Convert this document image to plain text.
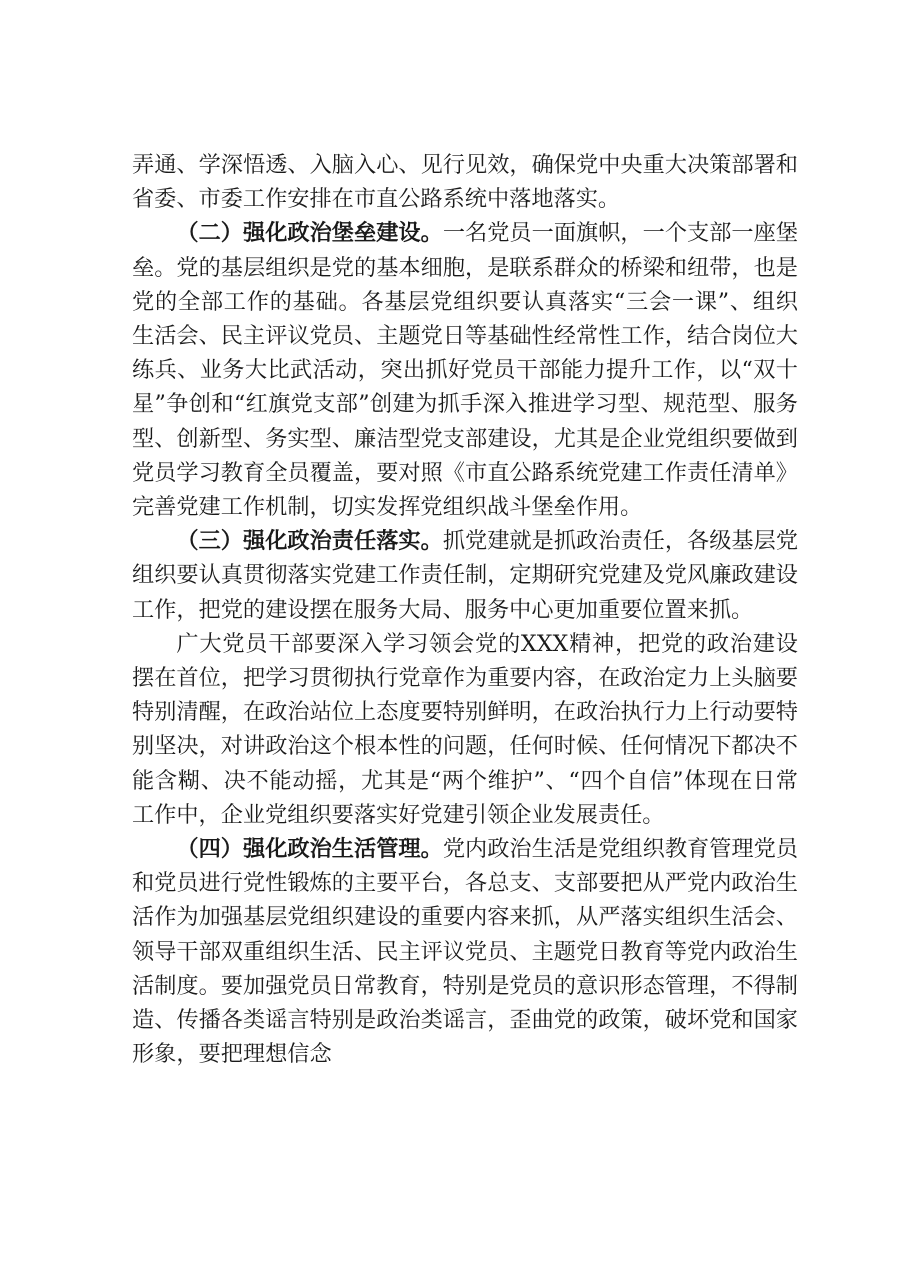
弄通、学深悟透、入脑入心、见行见效，确保党中央重大决策部署和省委、市委工作安排在市直公路系统中落地落实。

（二）强化政治堡垒建设。一名党员一面旗帜，一个支部一座堡垒。党的基层组织是党的基本细胞，是联系群众的桥梁和纽带，也是党的全部工作的基础。各基层党组织要认真落实“三会一课”、组织生活会、民主评议党员、主题党日等基础性经常性工作，结合岗位大练兵、业务大比武活动，突出抓好党员干部能力提升工作，以“双十星”争创和“红旗党支部”创建为抓手深入推进学习型、规范型、服务型、创新型、务实型、廉洁型党支部建设，尤其是企业党组织要做到党员学习教育全员覆盖，要对照《市直公路系统党建工作责任清单》完善党建工作机制，切实发挥党组织战斗堡垒作用。

（三）强化政治责任落实。抓党建就是抓政治责任，各级基层党组织要认真贯彻落实党建工作责任制，定期研究党建及党风廉政建设工作，把党的建设摆在服务大局、服务中心更加重要位置来抓。

广大党员干部要深入学习领会党的XXX精神，把党的政治建设摆在首位，把学习贯彻执行党章作为重要内容，在政治定力上头脑要特别清醒，在政治站位上态度要特别鲜明，在政治执行力上行动要特别坚决，对讲政治这个根本性的问题，任何时候、任何情况下都决不能含糊、决不能动摇，尤其是“两个维护”、“四个自信”体现在日常工作中，企业党组织要落实好党建引领企业发展责任。

（四）强化政治生活管理。党内政治生活是党组织教育管理党员和党员进行党性锻炼的主要平台，各总支、支部要把从严党内政治生活作为加强基层党组织建设的重要内容来抓，从严落实组织生活会、领导干部双重组织生活、民主评议党员、主题党日教育等党内政治生活制度。要加强党员日常教育，特别是党员的意识形态管理，不得制造、传播各类谣言特别是政治类谣言，歪曲党的政策，破坏党和国家形象，要把理想信念
